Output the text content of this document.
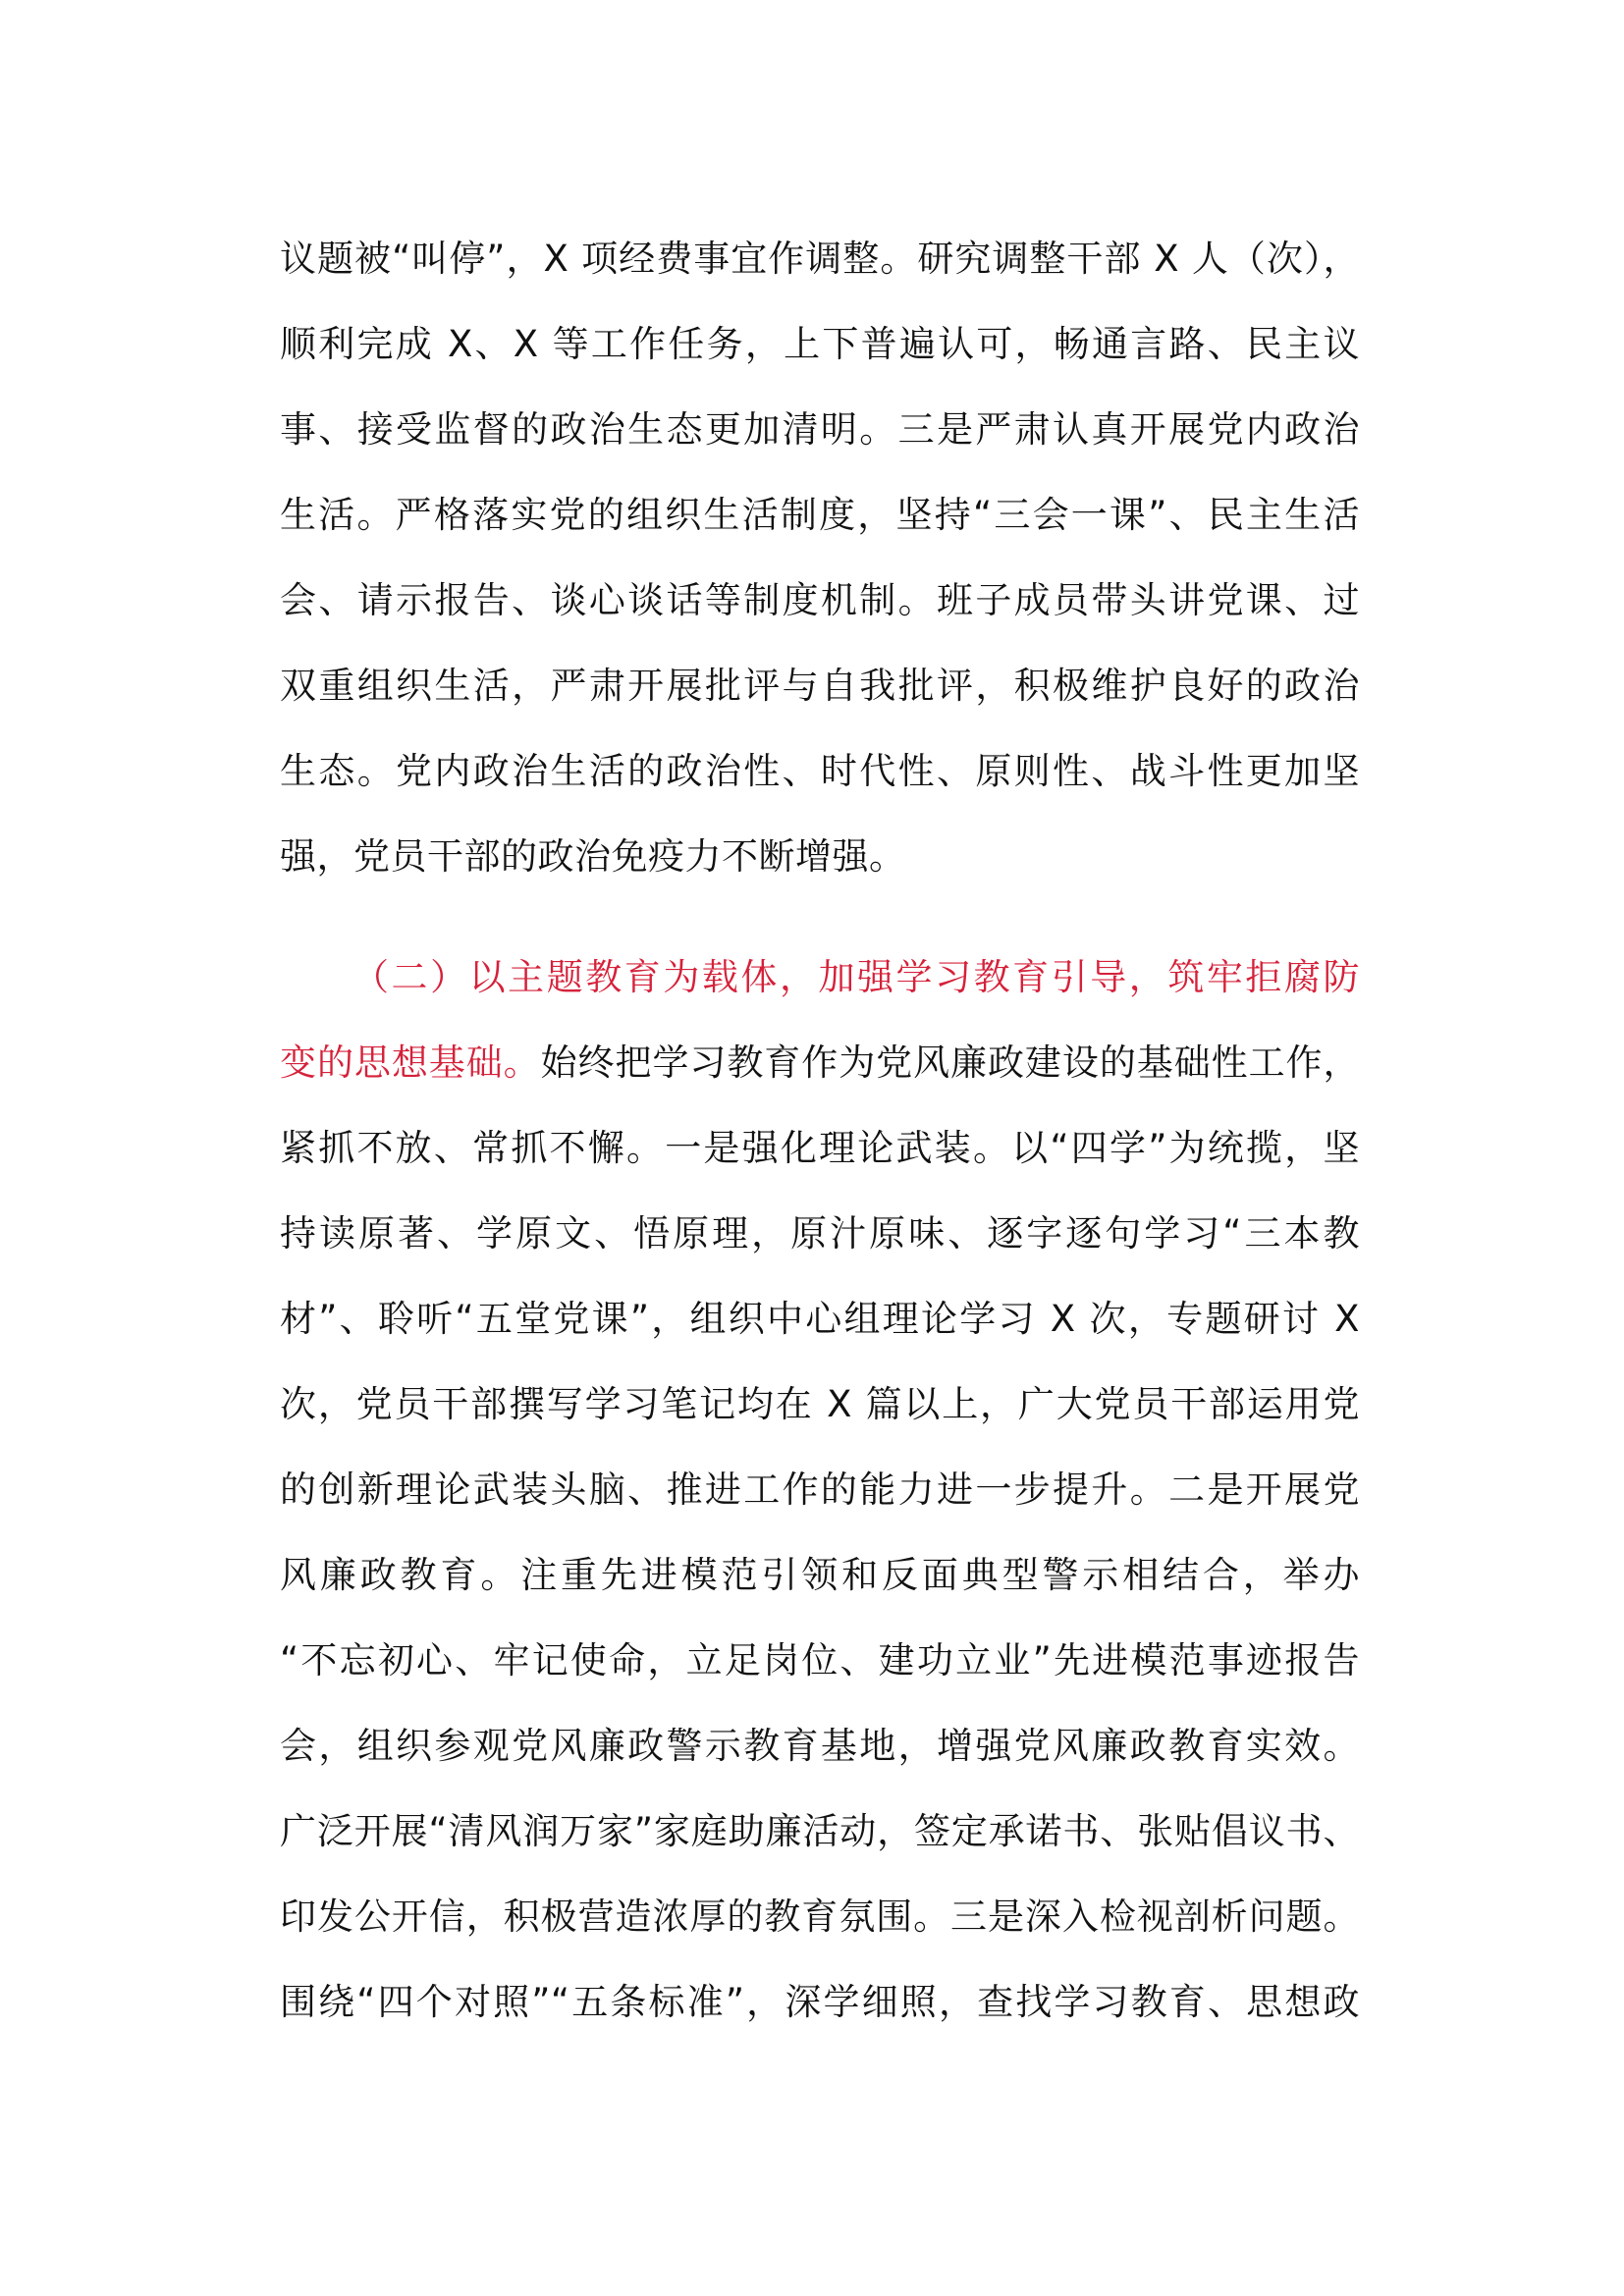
议题被“叫停”，X 项经费事宜作调整。研究调整干部 X 人（次），
顺利完成 X、X 等工作任务，上下普遍认可，畅通言路、民主议
事、接受监督的政治生态更加清明。三是严肃认真开展党内政治
生活。严格落实党的组织生活制度，坚持“三会一课”、民主生活
会、请示报告、谈心谈话等制度机制。班子成员带头讲党课、过
双重组织生活，严肃开展批评与自我批评，积极维护良好的政治
生态。党内政治生活的政治性、时代性、原则性、战斗性更加坚
强，党员干部的政治免疫力不断增强。
（二）以主题教育为载体，加强学习教育引导，筑牢拒腐防
变的思想基础。始终把学习教育作为党风廉政建设的基础性工作，
紧抓不放、常抓不懈。一是强化理论武装。以“四学”为统揽，坚
持读原著、学原文、悟原理，原汁原味、逐字逐句学习“三本教
材”、聆听“五堂党课”，组织中心组理论学习 X 次，专题研讨 X
次，党员干部撰写学习笔记均在 X 篇以上，广大党员干部运用党
的创新理论武装头脑、推进工作的能力进一步提升。二是开展党
风廉政教育。注重先进模范引领和反面典型警示相结合，举办
“不忘初心、牢记使命，立足岗位、建功立业”先进模范事迹报告
会，组织参观党风廉政警示教育基地，增强党风廉政教育实效。
广泛开展“清风润万家”家庭助廉活动，签定承诺书、张贴倡议书、
印发公开信，积极营造浓厚的教育氛围。三是深入检视剖析问题。
围绕“四个对照”“五条标准”，深学细照，查找学习教育、思想政
